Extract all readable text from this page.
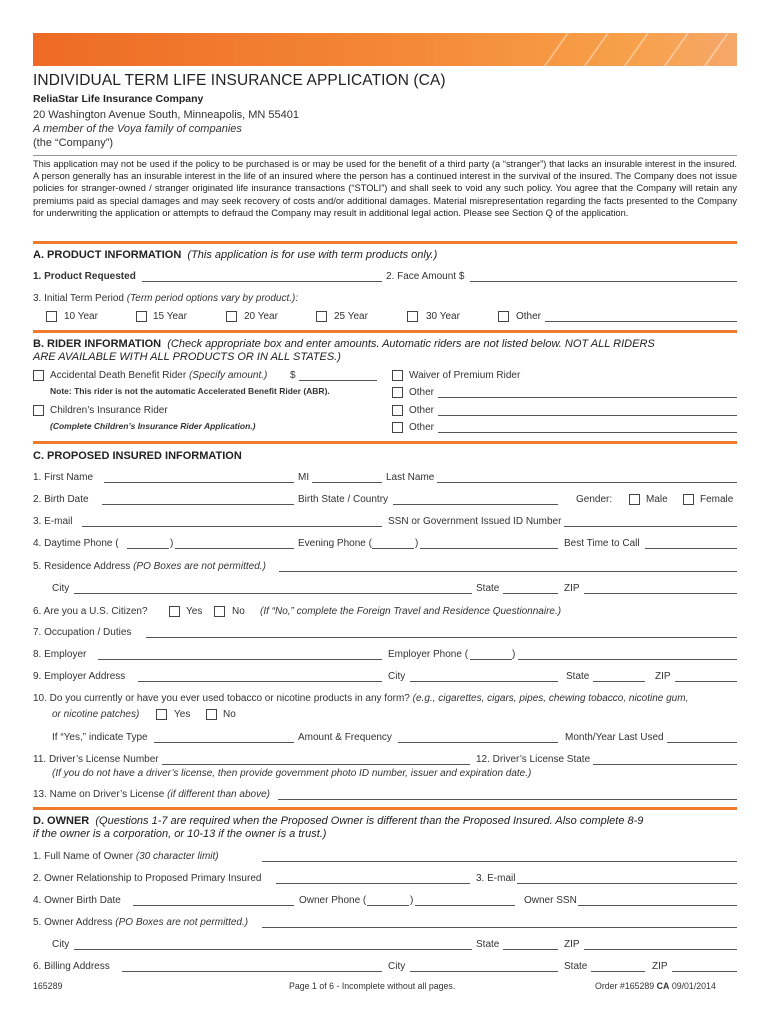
INDIVIDUAL TERM LIFE INSURANCE APPLICATION (CA)
ReliaStar Life Insurance Company
20 Washington Avenue South, Minneapolis, MN 55401
A member of the Voya family of companies
(the “Company”)
This application may not be used if the policy to be purchased is or may be used for the benefit of a third party (a “stranger”) that lacks an insurable interest in the insured. A person generally has an insurable interest in the life of an insured where the person has a continued interest in the survival of the insured. The Company does not issue policies for stranger-owned / stranger originated life insurance transactions (“STOLI”) and shall seek to void any such policy. You agree that the Company will retain any premiums paid as special damages and may seek recovery of costs and/or additional damages. Material misrepresentation regarding the facts presented to the Company for underwriting the application or attempts to defraud the Company may result in additional legal action. Please see Section Q of the application.
A. PRODUCT INFORMATION (This application is for use with term products only.)
1. Product Requested	2. Face Amount $
3. Initial Term Period (Term period options vary by product.):
10 Year	15 Year	20 Year	25 Year	30 Year	Other
B. RIDER INFORMATION (Check appropriate box and enter amounts. Automatic riders are not listed below. NOT ALL RIDERS
ARE AVAILABLE WITH ALL PRODUCTS OR IN ALL STATES.)
Accidental Death Benefit Rider (Specify amount.) $
Note: This rider is not the automatic Accelerated Benefit Rider (ABR).
Children’s Insurance Rider
(Complete Children’s Insurance Rider Application.)
Waiver of Premium Rider
Other
Other
Other
C. PROPOSED INSURED INFORMATION
1. First Name	MI	Last Name
2. Birth Date	Birth State / Country	Gender:	Male	Female
3. E-mail	SSN or Government Issued ID Number
4. Daytime Phone (	)	Evening Phone (	)	Best Time to Call
5. Residence Address (PO Boxes are not permitted.)
City	State	ZIP
6. Are you a U.S. Citizen?	Yes	No (If “No,” complete the Foreign Travel and Residence Questionnaire.)
7. Occupation / Duties
8. Employer	Employer Phone (	)
9. Employer Address	City	State	ZIP
10. Do you currently or have you ever used tobacco or nicotine products in any form? (e.g., cigarettes, cigars, pipes, chewing tobacco, nicotine gum,
or nicotine patches)	Yes	No
If “Yes,” indicate Type	Amount & Frequency	Month/Year Last Used
11. Driver’s License Number	12. Driver’s License State
(If you do not have a driver’s license, then provide government photo ID number, issuer and expiration date.)
13. Name on Driver’s License (if different than above)
D. OWNER (Questions 1-7 are required when the Proposed Owner is different than the Proposed Insured. Also complete 8-9
if the owner is a corporation, or 10-13 if the owner is a trust.)
1. Full Name of Owner (30 character limit)
2. Owner Relationship to Proposed Primary Insured	3. E-mail
4. Owner Birth Date	Owner Phone (	)	Owner SSN
5. Owner Address (PO Boxes are not permitted.)
City	State	ZIP
6. Billing Address	City	State	ZIP
165289	Page 1 of 6 - Incomplete without all pages.	Order #165289 CA 09/01/2014
